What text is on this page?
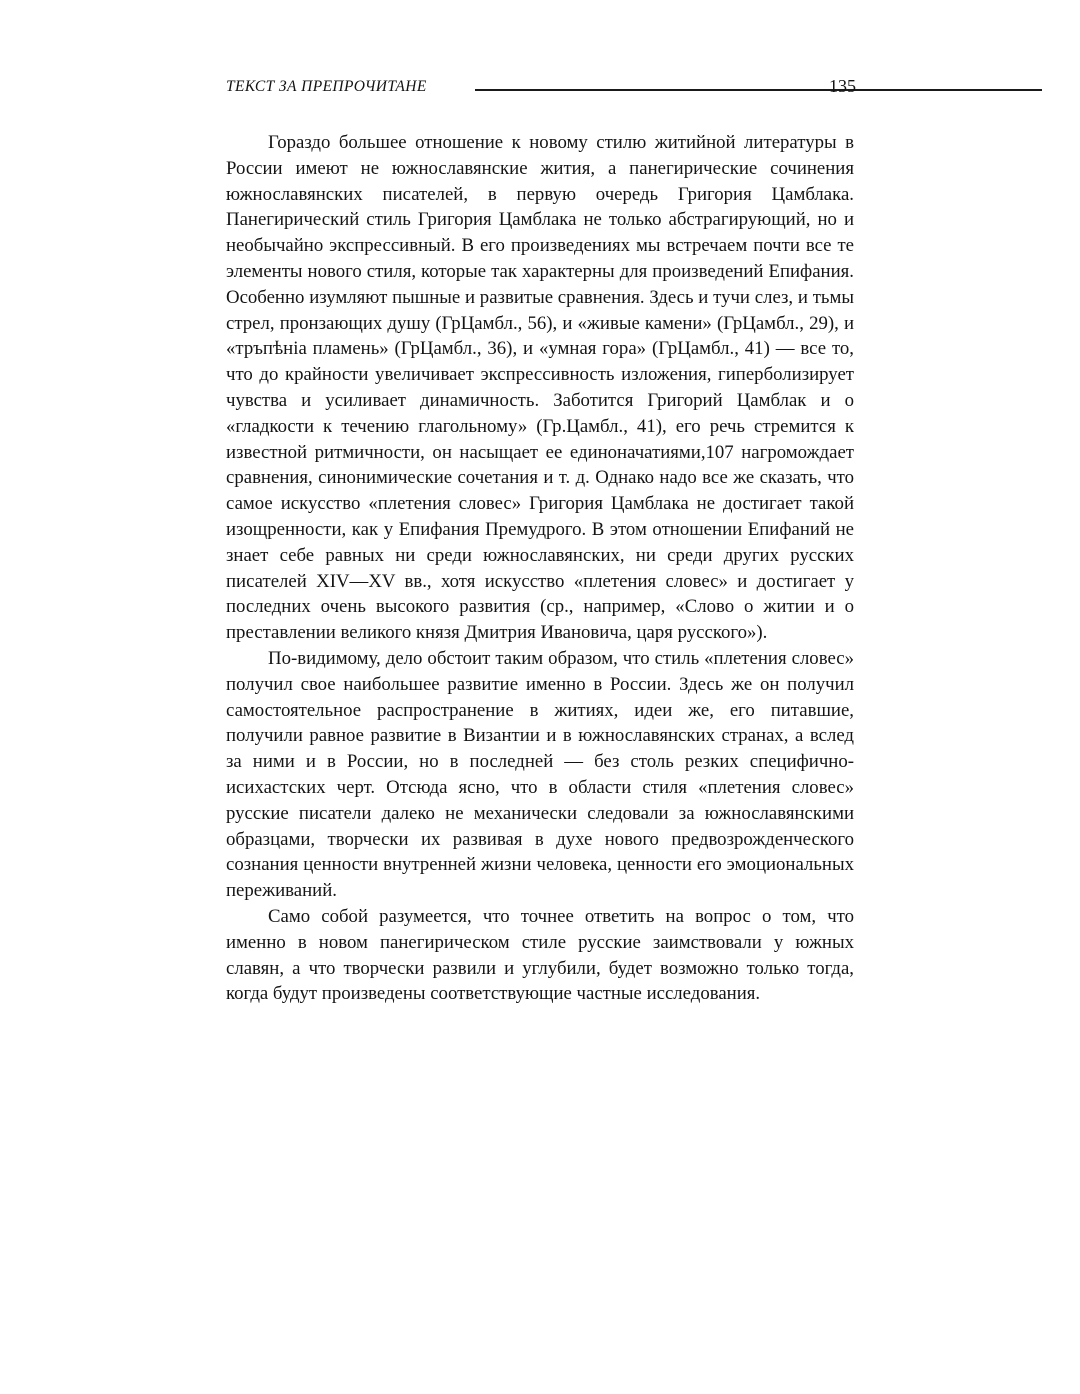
ТЕКСТ ЗА ПРЕПРОЧИТАНЕ	135

Гораздо большее отношение к новому стилю житийной литературы в России имеют не южнославянские жития, а панегирические сочинения южнославянских писателей, в первую очередь Григория Цамблака. Панегирический стиль Григория Цамблака не только абстрагирующий, но и необычайно экспрессивный. В его произведениях мы встречаем почти все те элементы нового стиля, которые так характерны для произведений Епифания. Особенно изумляют пышные и развитые сравнения. Здесь и тучи слез, и тьмы стрел, пронзающих душу (ГрЦамбл., 56), и «живые камени» (ГрЦамбл., 29), и «тръпѣнiа пламень» (ГрЦамбл., 36), и «умная гора» (ГрЦамбл., 41) — все то, что до крайности увеличивает экспрессивность изложения, гиперболизирует чувства и усиливает динамичность. Заботится Григорий Цамблак и о «гладкости к течению глагольному» (Гр.Цамбл., 41), его речь стремится к известной ритмичности, он насыщает ее единоначатиями,107 нагромождает сравнения, синонимические сочетания и т. д. Однако надо все же сказать, что самое искусство «плетения словес» Григория Цамблака не достигает такой изощренности, как у Епифания Премудрого. В этом отношении Епифаний не знает себе равных ни среди южнославянских, ни среди других русских писателей XIV—XV вв., хотя искусство «плетения словес» и достигает у последних очень высокого развития (ср., например, «Слово о житии и о преставлении великого князя Дмитрия Ивановича, царя русского»).

По-видимому, дело обстоит таким образом, что стиль «плетения словес» получил свое наибольшее развитие именно в России. Здесь же он получил самостоятельное распространение в житиях, идеи же, его питавшие, получили равное развитие в Византии и в южнославянских странах, а вслед за ними и в России, но в последней — без столь резких специфично-исихастских черт. Отсюда ясно, что в области стиля «плетения словес» русские писатели далеко не механически следовали за южнославянскими образцами, творчески их развивая в духе нового предвозрожденческого сознания ценности внутренней жизни человека, ценности его эмоциональных переживаний.

Само собой разумеется, что точнее ответить на вопрос о том, что именно в новом панегирическом стиле русские заимствовали у южных славян, а что творчески развили и углубили, будет возможно только тогда, когда будут произведены соответствующие частные исследования.
